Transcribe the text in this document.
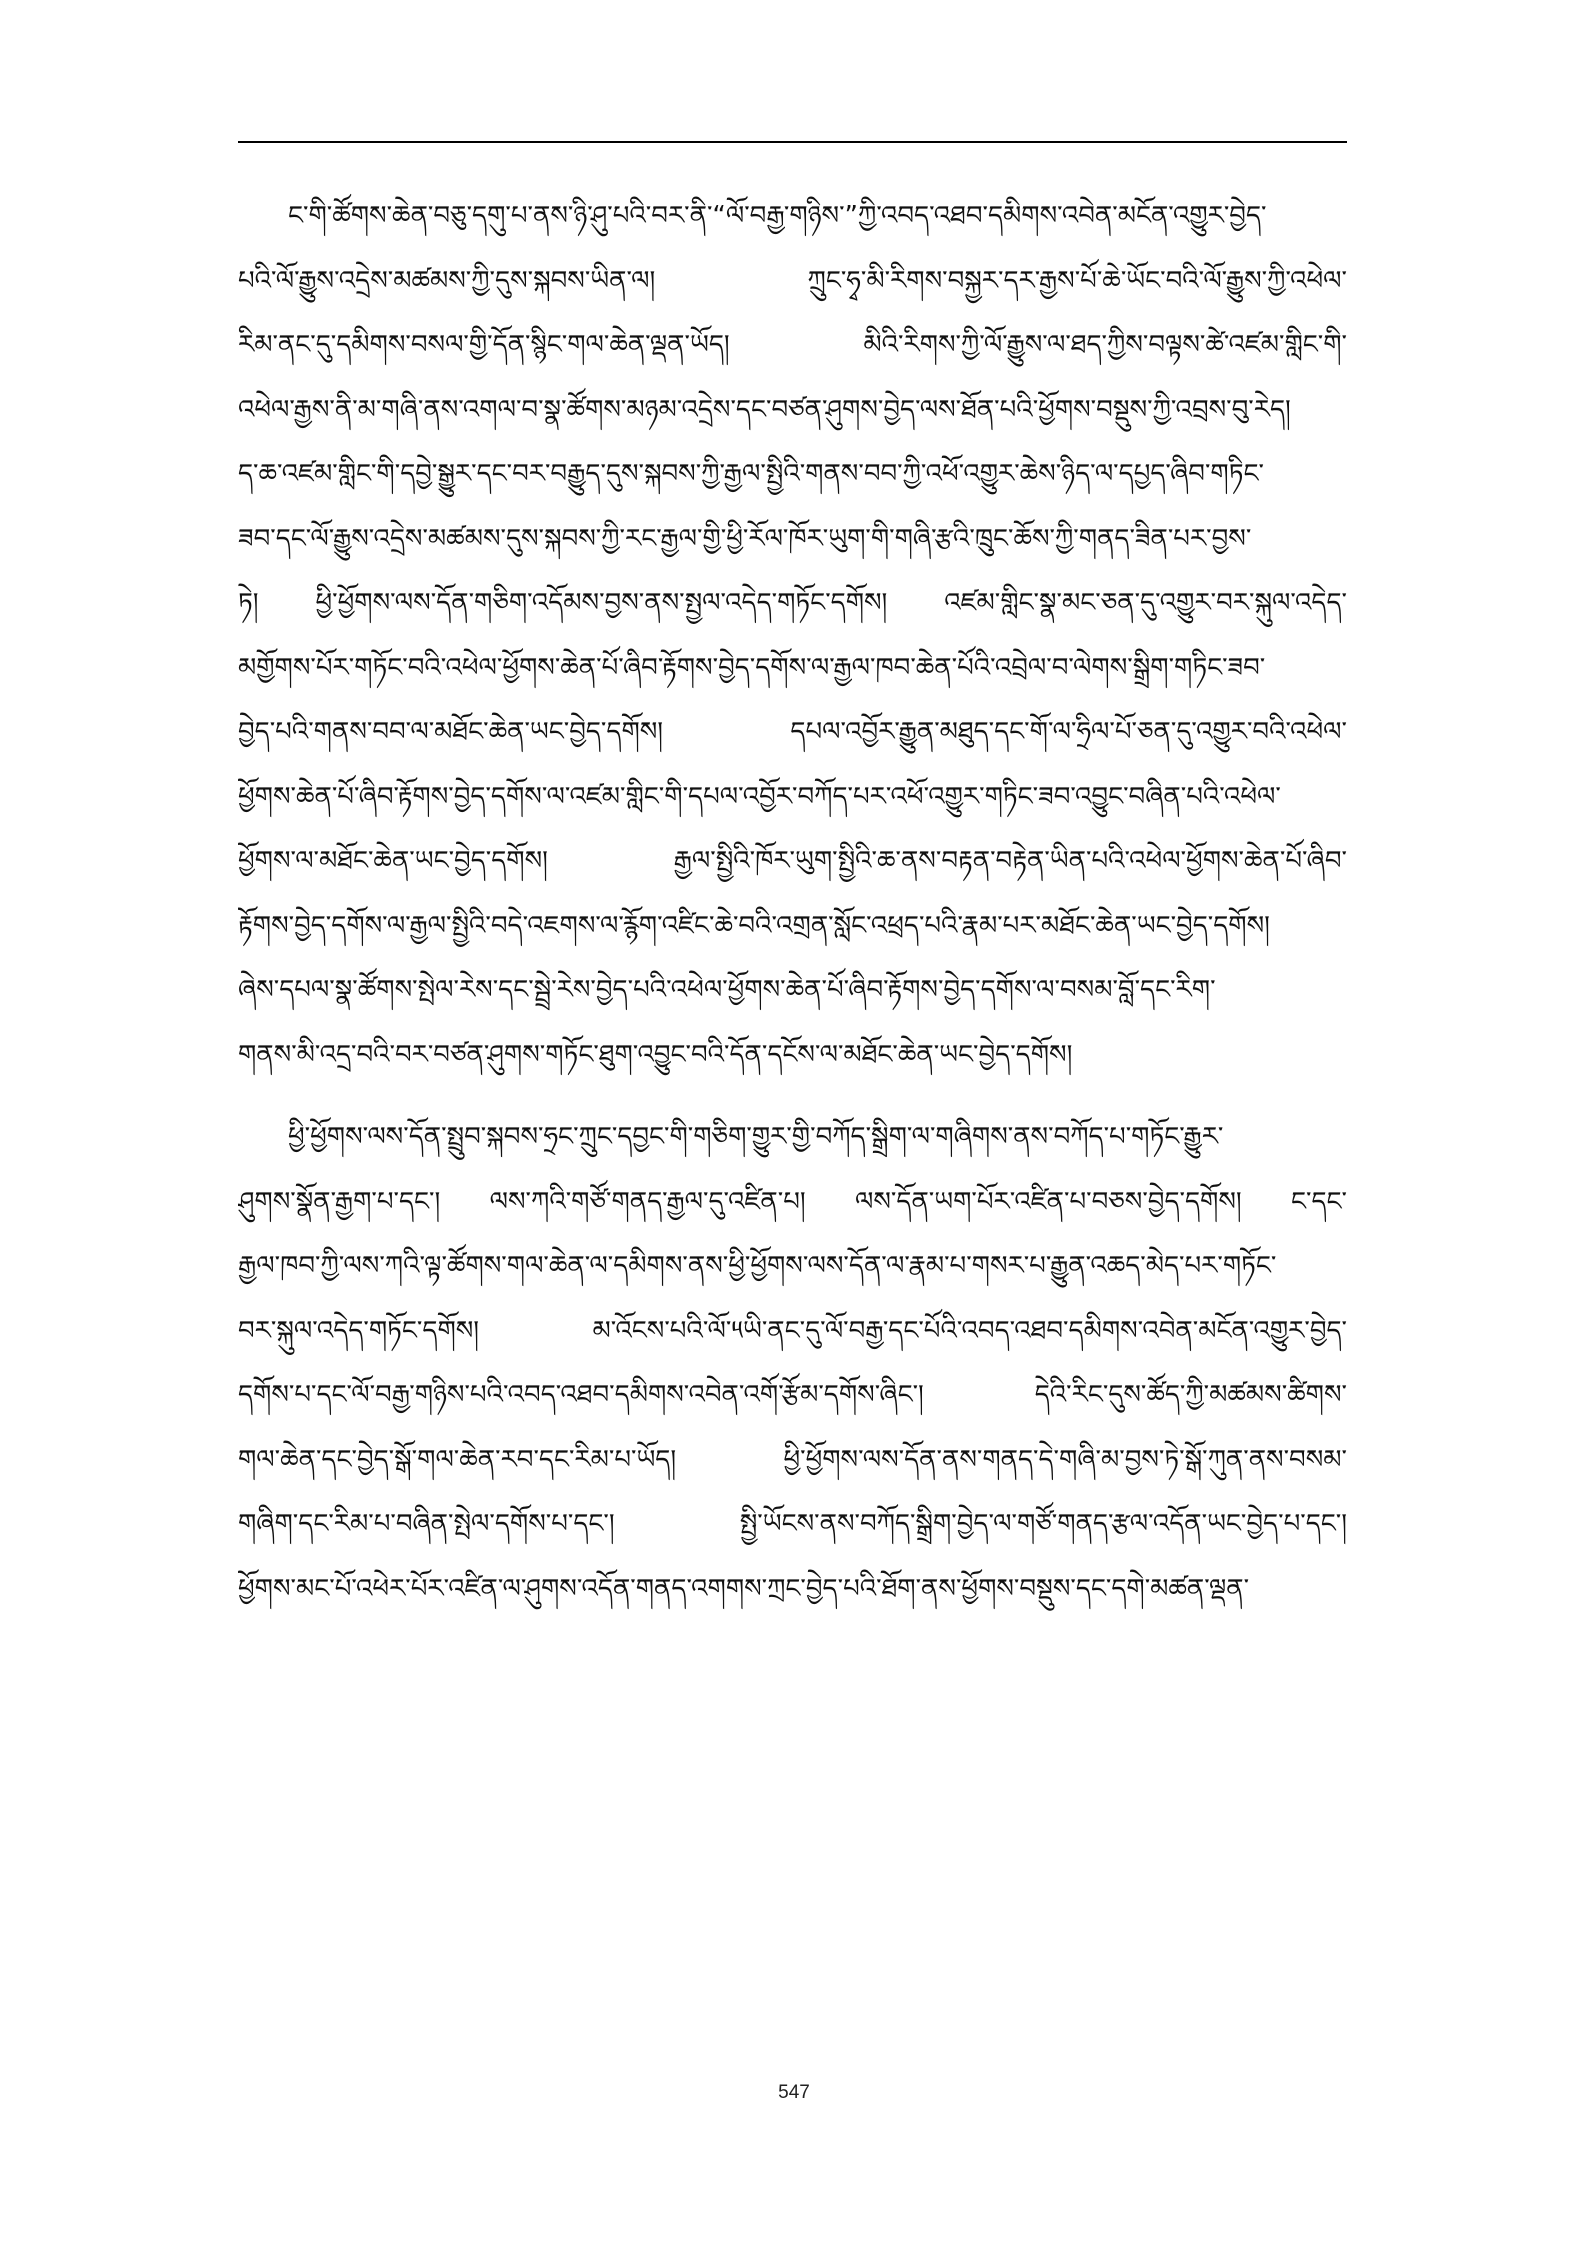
ང་གི་ཚོགས་ཆེན་བཅུ་དགུ་པ་ནས་ཉི་ཤུ་པའི་བར་ནི་“ལོ་བརྒྱ་གཉིས་”ཀྱི་འབད་འཐབ་དམིགས་འབེན་མངོན་འགྱུར་བྱེད་
པའི་ལོ་རྒྱུས་འདྲེས་མཚམས་ཀྱི་དུས་སྐབས་ཡིན་ལ། ཀྲུང་ཧྭ་མི་རིགས་བསྐྱར་དར་རྒྱས་པོ་ཆེ་ཡོང་བའི་ལོ་རྒྱུས་ཀྱི་འཕེལ་
རིམ་ནང་དུ་དམིགས་བསལ་གྱི་དོན་སྙིང་གལ་ཆེན་ལྡན་ཡོད། མིའི་རིགས་ཀྱི་ལོ་རྒྱུས་ལ་ཐད་ཀྱིས་བལྟས་ཚེ་འཛམ་གླིང་གི་
འཕེལ་རྒྱས་ནི་མ་གཞི་ནས་འགལ་བ་སྣ་ཚོགས་མཉམ་འདྲེས་དང་བཙན་ཤུགས་བྱེད་ལས་ཐོན་པའི་ཕྱོགས་བསྡུས་ཀྱི་འབྲས་བུ་རེད།
ད་ཆ་འཛམ་གླིང་གི་དབྱེ་སྒྱུར་དང་བར་བརྒྱུད་དུས་སྐབས་ཀྱི་རྒྱལ་སྤྱིའི་གནས་བབ་ཀྱི་འཕོ་འགྱུར་ཆེས་ཉིད་ལ་དཔྱད་ཞིབ་གཏིང་
ཟབ་དང་ལོ་རྒྱུས་འདྲེས་མཚམས་དུས་སྐབས་ཀྱི་རང་རྒྱལ་གྱི་ཕྱི་རོལ་ཁོར་ཡུག་གི་གཞི་རྩའི་ཁྲུང་ཆོས་ཀྱི་གནད་ཟིན་པར་བྱས་
ཏེ། ཕྱི་ཕྱོགས་ལས་དོན་གཅིག་འདོམས་བྱས་ནས་སྤྱལ་འདེད་གཏོང་དགོས། འཛམ་གླིང་སྣ་མང་ཅན་དུ་འགྱུར་བར་སྐུལ་འདེད་
མགྱོགས་པོར་གཏོང་བའི་འཕེལ་ཕྱོགས་ཆེན་པོ་ཞིབ་རྟོགས་བྱེད་དགོས་ལ་རྒྱལ་ཁབ་ཆེན་པོའི་འབྲེལ་བ་ལེགས་སྒྲིག་གཏིང་ཟབ་
བྱེད་པའི་གནས་བབ་ལ་མཐོང་ཆེན་ཡང་བྱེད་དགོས། དཔལ་འབྱོར་རྒྱུན་མཐུད་དང་གོ་ལ་ཧྲིལ་པོ་ཅན་དུ་འགྱུར་བའི་འཕེལ་
ཕྱོགས་ཆེན་པོ་ཞིབ་རྟོགས་བྱེད་དགོས་ལ་འཛམ་གླིང་གི་དཔལ་འབྱོར་བཀོད་པར་འཕོ་འགྱུར་གཏིང་ཟབ་འབྱུང་བཞིན་པའི་འཕེལ་
ཕྱོགས་ལ་མཐོང་ཆེན་ཡང་བྱེད་དགོས། རྒྱལ་སྤྱིའི་ཁོར་ཡུག་སྤྱིའི་ཆ་ནས་བརྟན་བརྟེན་ཡིན་པའི་འཕེལ་ཕྱོགས་ཆེན་པོ་ཞིབ་
རྟོགས་བྱེད་དགོས་ལ་རྒྱལ་སྤྱིའི་བདེ་འཇགས་ལ་རྙོག་འཛིང་ཆེ་བའི་འགྲན་སློང་འཕྲད་པའི་རྣམ་པར་མཐོང་ཆེན་ཡང་བྱེད་དགོས།
ཞེས་དཔལ་སྣ་ཚོགས་སྤེལ་རེས་དང་སྦྲེ་རེས་བྱེད་པའི་འཕེལ་ཕྱོགས་ཆེན་པོ་ཞིབ་རྟོགས་བྱེད་དགོས་ལ་བསམ་བློ་དང་རིག་
གནས་མི་འདྲ་བའི་བར་བཙན་ཤུགས་གཏོང་ཐུག་འབྱུང་བའི་དོན་དངོས་ལ་མཐོང་ཆེན་ཡང་བྱེད་དགོས།
ཕྱི་ཕྱོགས་ལས་དོན་སྤྲུབ་སྐབས་ཧྲང་ཀྲུང་དབྱང་གི་གཅིག་གྱུར་གྱི་བཀོད་སྒྲིག་ལ་གཞིགས་ནས་བཀོད་པ་གཏོང་རྒྱུར་
ཤུགས་སྣོན་རྒྱག་པ་དང་། ལས་ཀའི་གཙོ་གནད་རྒྱལ་དུ་འཛིན་པ། ལས་དོན་ཡག་པོར་འཛིན་པ་བཅས་བྱེད་དགོས། ང་དང་
རྒྱལ་ཁབ་ཀྱི་ལས་ཀའི་ལྟ་ཚོགས་གལ་ཆེན་ལ་དམིགས་ནས་ཕྱི་ཕྱོགས་ལས་དོན་ལ་རྣམ་པ་གསར་པ་རྒྱུན་འཆད་མེད་པར་གཏོང་
བར་སྐུལ་འདེད་གཏོང་དགོས། མ་འོངས་པའི་ལོ་༥ཡི་ནང་དུ་ལོ་བརྒྱ་དང་པོའི་འབད་འཐབ་དམིགས་འབེན་མངོན་འགྱུར་བྱེད་
དགོས་པ་དང་ལོ་བརྒྱ་གཉིས་པའི་འབད་འཐབ་དམིགས་འབེན་འགོ་རྩོམ་དགོས་ཞིང་། དེའི་རིང་དུས་ཚོད་ཀྱི་མཚམས་ཚིགས་
གལ་ཆེན་དང་བྱེད་སྒོ་གལ་ཆེན་རབ་དང་རིམ་པ་ཡོད། ཕྱི་ཕྱོགས་ལས་དོན་ནས་གནད་དེ་གཞི་མ་བྱས་ཏེ་སྒོ་ཀུན་ནས་བསམ་
གཞིག་དང་རིམ་པ་བཞིན་སྤེལ་དགོས་པ་དང་། སྤྱི་ཡོངས་ནས་བཀོད་སྒྲིག་བྱེད་ལ་གཙོ་གནད་རྩལ་འདོན་ཡང་བྱེད་པ་དང་།
ཕྱོགས་མང་པོ་འཕེར་པོར་འཛིན་ལ་ཤུགས་འདོན་གནད་འགགས་ཀྲང་བྱེད་པའི་ཐོག་ནས་ཕྱོགས་བསྡུས་དང་དགེ་མཚན་ལྡན་
547
